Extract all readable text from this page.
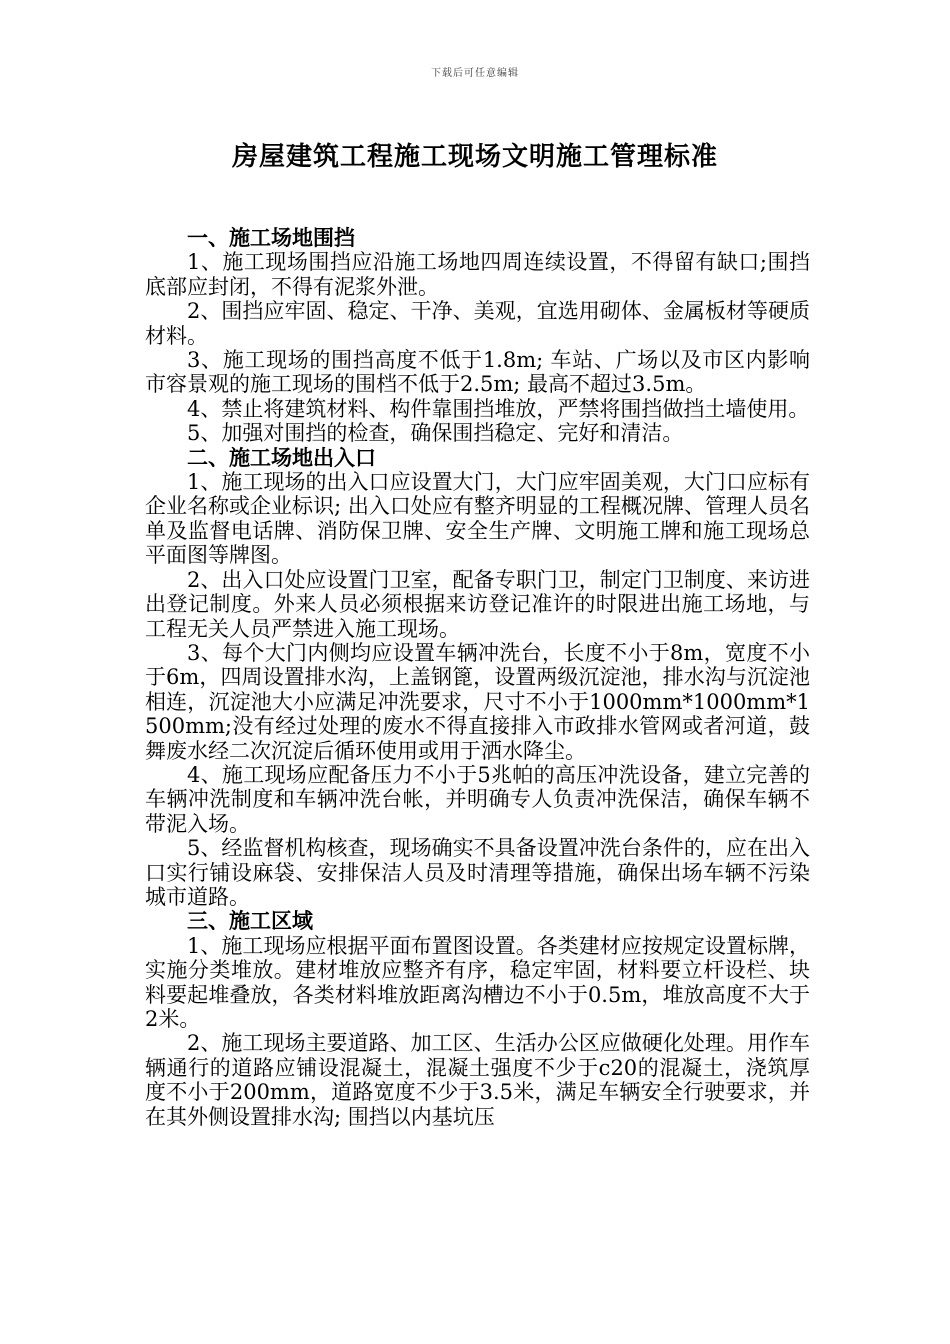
下载后可任意编辑
房屋建筑工程施工现场文明施工管理标准

一、施工场地围挡

1、施工现场围挡应沿施工场地四周连续设置，不得留有缺口;围挡底部应封闭，不得有泥浆外泄。

2、围挡应牢固、稳定、干净、美观，宜选用砌体、金属板材等硬质材料。

3、施工现场的围挡高度不低于1.8m; 车站、广场以及市区内影响市容景观的施工现场的围档不低于2.5m; 最高不超过3.5m。

4、禁止将建筑材料、构件靠围挡堆放，严禁将围挡做挡土墙使用。

5、加强对围挡的检查，确保围挡稳定、完好和清洁。

二、施工场地出入口

1、施工现场的出入口应设置大门，大门应牢固美观，大门口应标有企业名称或企业标识; 出入口处应有整齐明显的工程概况牌、管理人员名单及监督电话牌、消防保卫牌、安全生产牌、文明施工牌和施工现场总平面图等牌图。

2、出入口处应设置门卫室，配备专职门卫，制定门卫制度、来访进出登记制度。外来人员必须根据来访登记准许的时限进出施工场地，与工程无关人员严禁进入施工现场。

3、每个大门内侧均应设置车辆冲洗台，长度不小于8m，宽度不小于6m，四周设置排水沟，上盖钢篦，设置两级沉淀池，排水沟与沉淀池相连，沉淀池大小应满足冲洗要求，尺寸不小于1000mm*1000mm*1500mm;没有经过处理的废水不得直接排入市政排水管网或者河道，鼓舞废水经二次沉淀后循环使用或用于洒水降尘。

4、施工现场应配备压力不小于5兆帕的高压冲洗设备，建立完善的车辆冲洗制度和车辆冲洗台帐，并明确专人负责冲洗保洁，确保车辆不带泥入场。

5、经监督机构核查，现场确实不具备设置冲洗台条件的，应在出入口实行铺设麻袋、安排保洁人员及时清理等措施，确保出场车辆不污染城市道路。

三、施工区域

1、施工现场应根据平面布置图设置。各类建材应按规定设置标牌，实施分类堆放。建材堆放应整齐有序，稳定牢固，材料要立杆设栏、块料要起堆叠放，各类材料堆放距离沟槽边不小于0.5m，堆放高度不大于2米。

2、施工现场主要道路、加工区、生活办公区应做硬化处理。用作车辆通行的道路应铺设混凝土，混凝土强度不少于c20的混凝土，浇筑厚度不小于200mm，道路宽度不少于3.5米，满足车辆安全行驶要求，并在其外侧设置排水沟; 围挡以内基坑压
